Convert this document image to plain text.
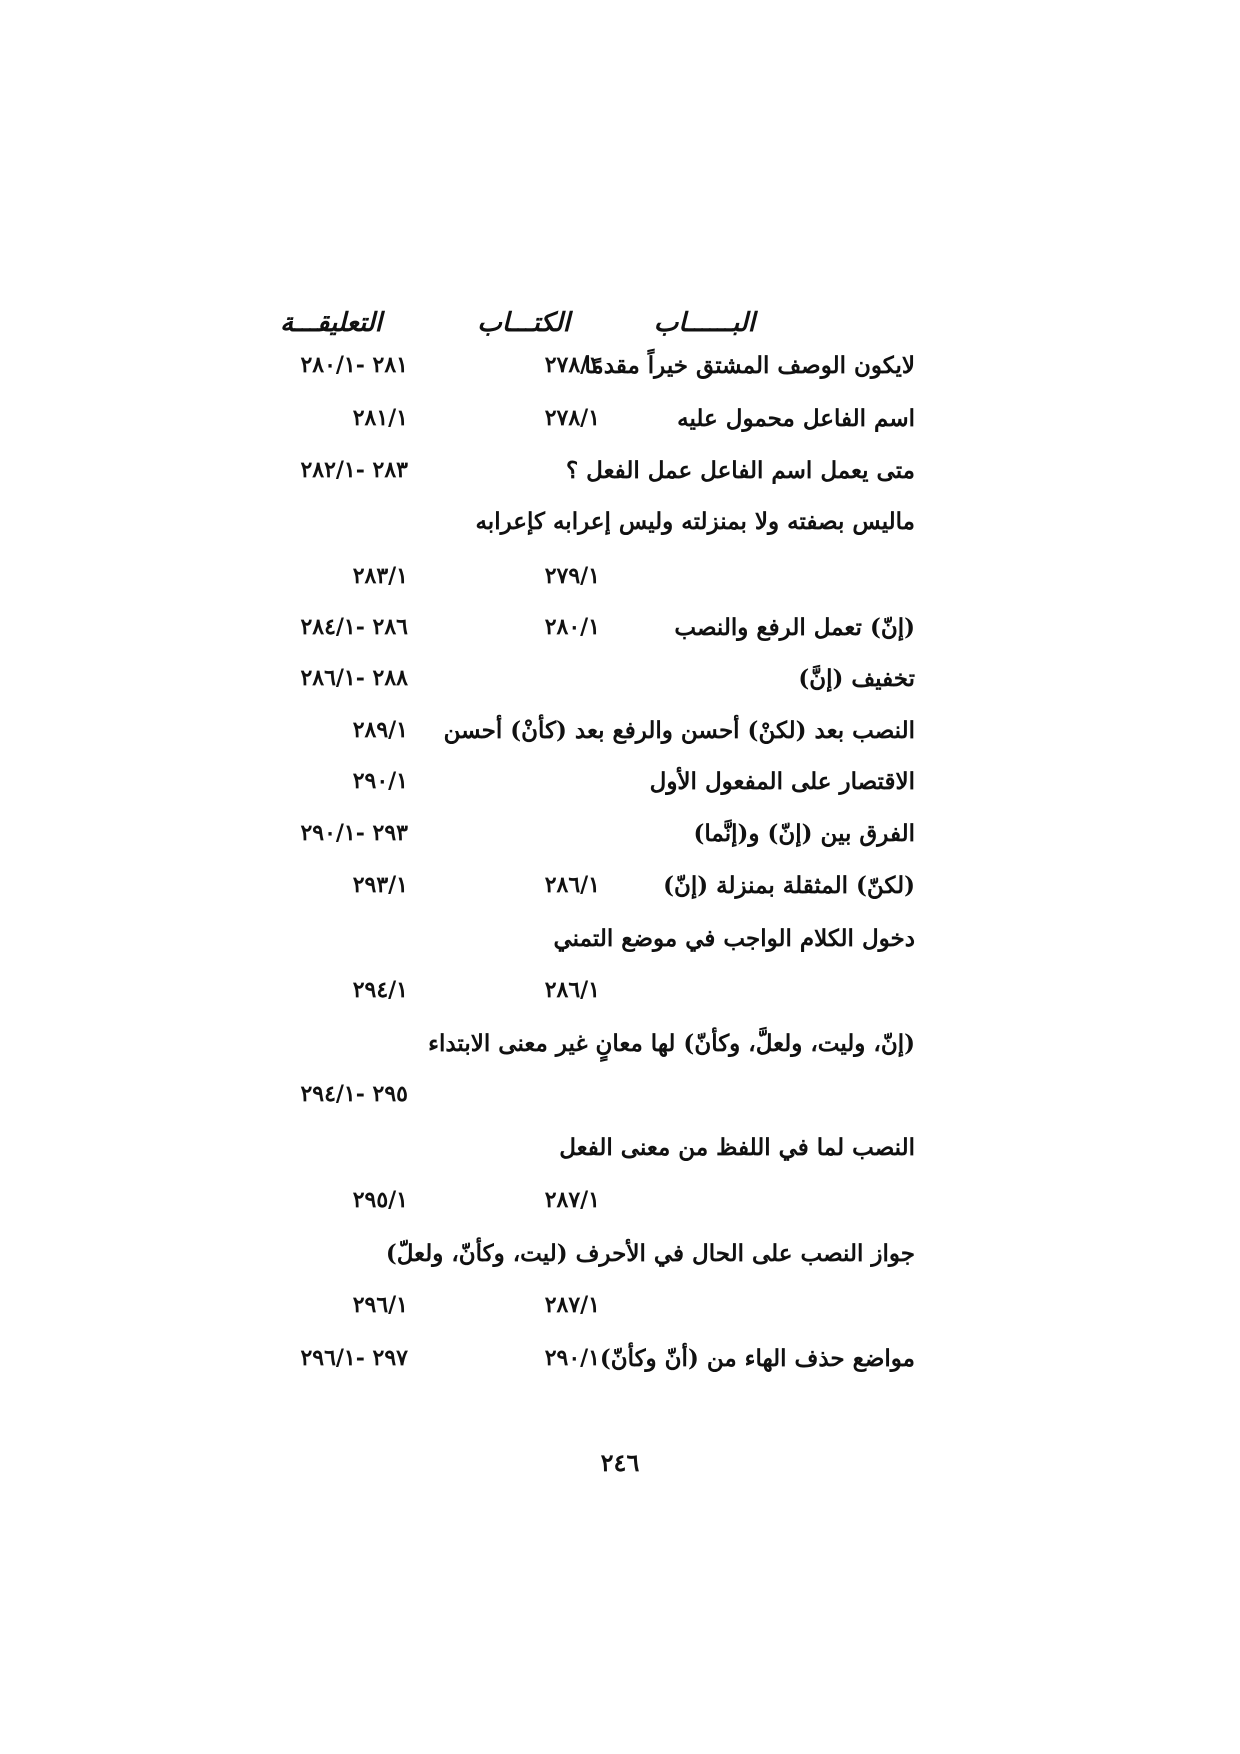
البــــــاب
الكتـــاب
التعليقـــة
لايكون الوصف المشتق خيراً مقدمًا
٢٧٨/١
٢٨١ -٢٨٠/١
اسم الفاعل محمول عليه
٢٧٨/١
٢٨١/١
متى يعمل اسم الفاعل عمل الفعل ؟
٢٨٣ -٢٨٢/١
ماليس بصفته ولا بمنزلته وليس إعرابه كإعرابه
٢٧٩/١
٢٨٣/١
(إنّ) تعمل الرفع والنصب
٢٨٠/١
٢٨٦ -٢٨٤/١
تخفيف (إنَّ)
٢٨٨ -٢٨٦/١
النصب بعد (لكنْ) أحسن والرفع بعد (كأنْ) أحسن
٢٨٩/١
الاقتصار على المفعول الأول
٢٩٠/١
الفرق بين (إنّ) و(إنَّما)
٢٩٣ -٢٩٠/١
(لكنّ) المثقلة بمنزلة (إنّ)
٢٨٦/١
٢٩٣/١
دخول الكلام الواجب في موضع التمني
٢٨٦/١
٢٩٤/١
(إنّ، وليت، ولعلَّ، وكأنّ) لها معانٍ غير معنى الابتداء
٢٩٥ -٢٩٤/١
النصب لما في اللفظ من معنى الفعل
٢٨٧/١
٢٩٥/١
جواز النصب على الحال في الأحرف (ليت، وكأنّ، ولعلّ)
٢٨٧/١
٢٩٦/١
مواضع حذف الهاء من (أنّ وكأنّ)
٢٩٠/١
٢٩٧ -٢٩٦/١
٢٤٦
